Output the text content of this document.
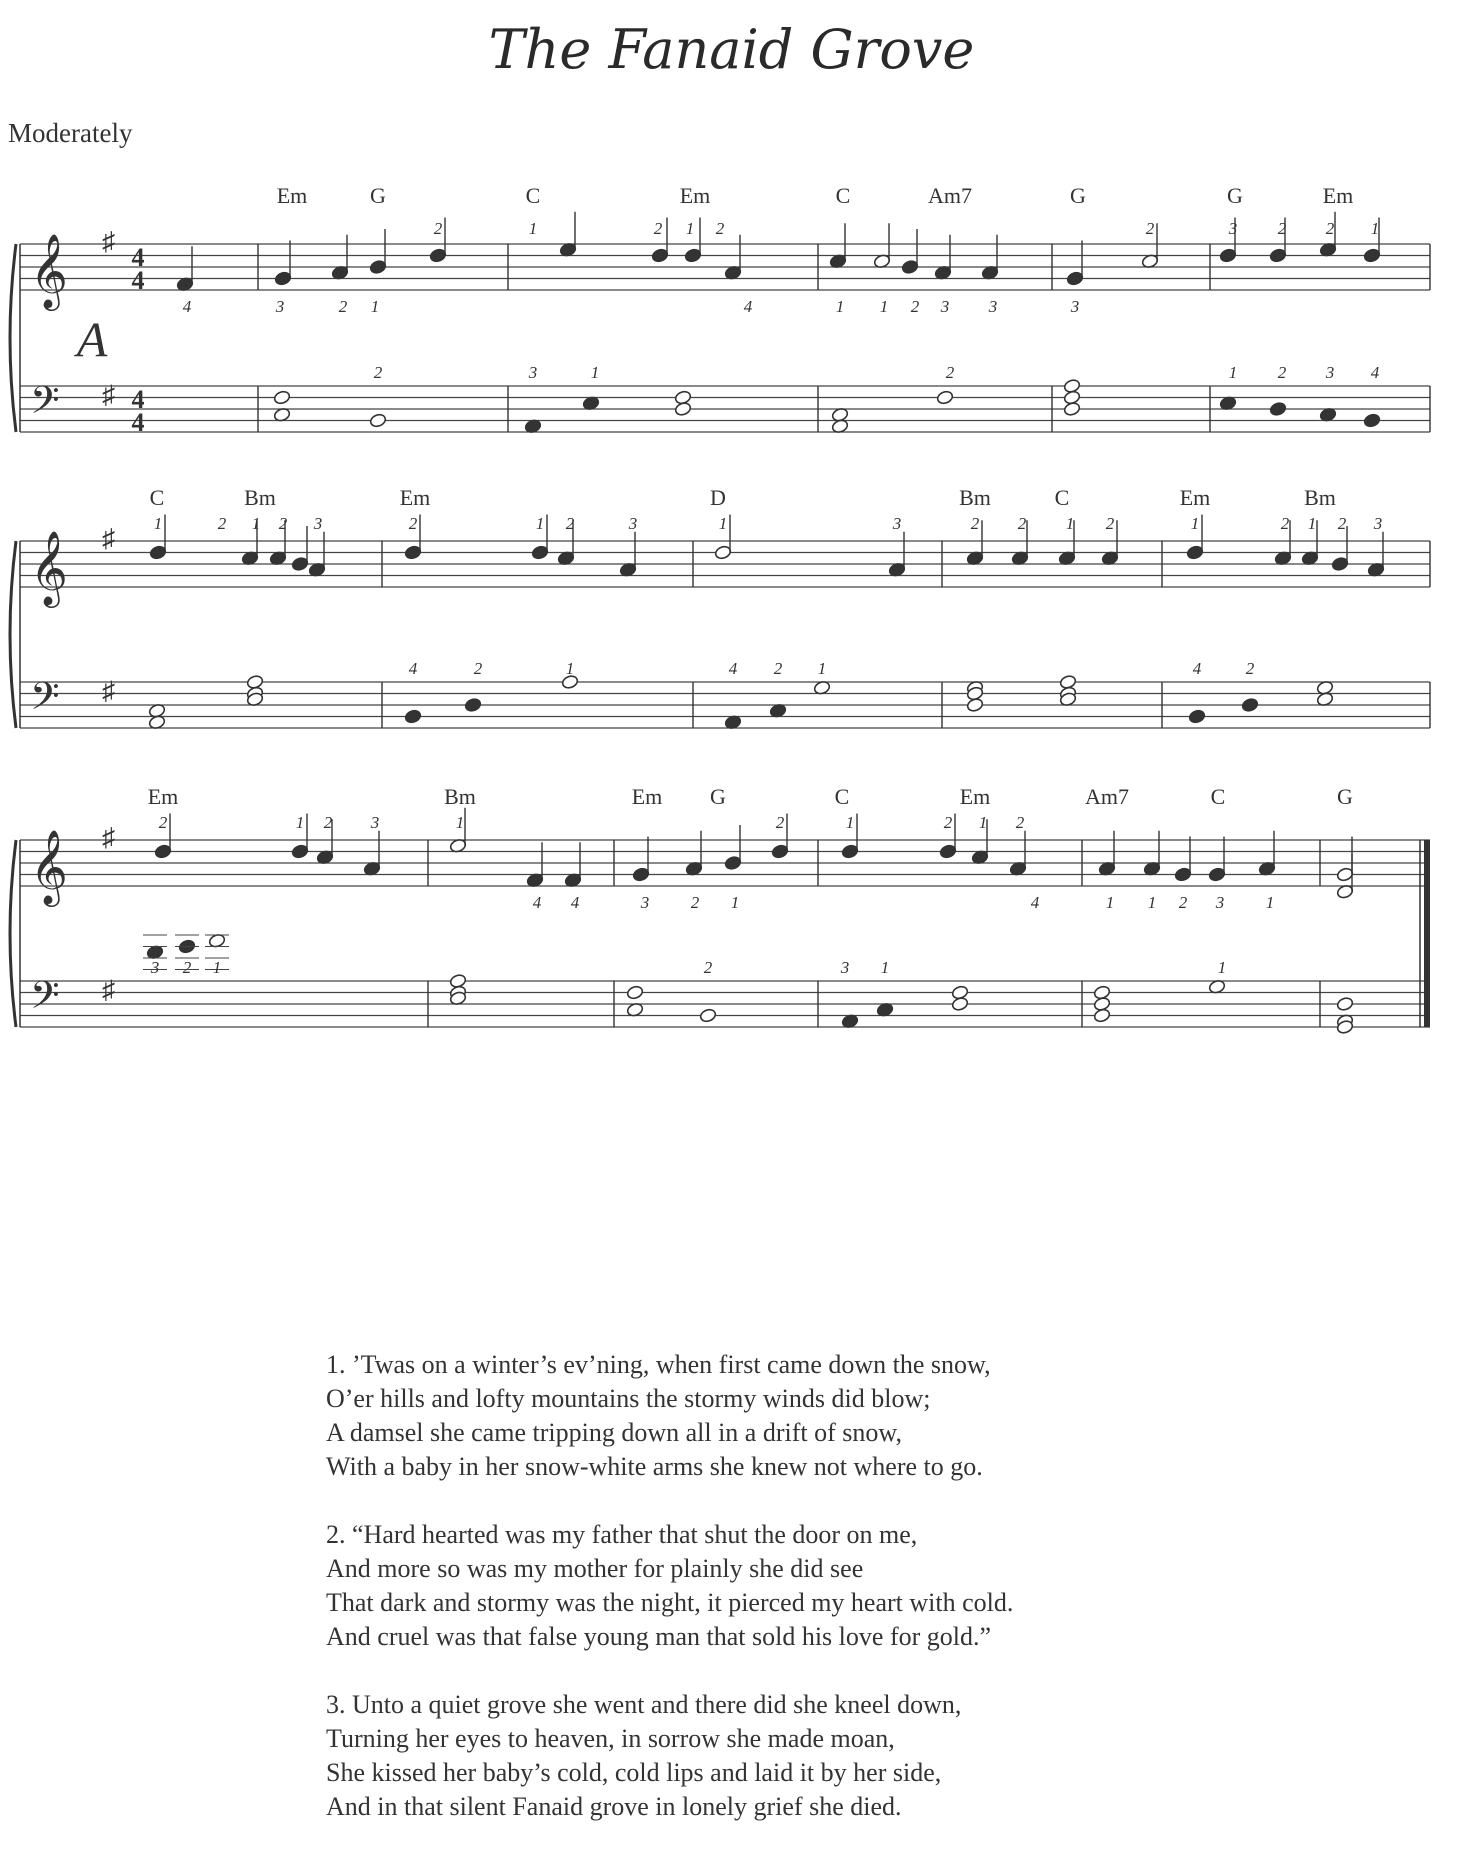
The Fanaid Grove
Moderately
𝄞
𝄢
♯
♯
4
4
4
4
A
Em	G	C	Em	C	Am7	G	G	Em
𝄞
𝄢
♯
♯
C	Bm	Em	D	Bm	C	Em	Bm
𝄞
𝄢
♯
♯
Em	Bm	Em G	C	Em	Am7	C	G
2	1	2 1 2	2	3 2 2 1
4	3	2 1	4	1 1 2 3 3	3
2	1
3	2	1 2 3 4
1	2 1 2 3	2	1 2	3	1	3	2 2 1 2	1	2 1 2 3
4	2	1	4 2 1	4	2
2	1 2 3	1	2	1	2 1 2
4 4	3 2 1	4	1 1 2 3 1
3 2 1	2	1
3	1
1. ’Twas on a winter’s ev’ning, when first came down the snow,
O’er hills and lofty mountains the stormy winds did blow;
A damsel she came tripping down all in a drift of snow,
With a baby in her snow-white arms she knew not where to go.
2. “Hard hearted was my father that shut the door on me,
And more so was my mother for plainly she did see
That dark and stormy was the night, it pierced my heart with cold.
And cruel was that false young man that sold his love for gold.”
3. Unto a quiet grove she went and there did she kneel down,
Turning her eyes to heaven, in sorrow she made moan,
She kissed her baby’s cold, cold lips and laid it by her side,
And in that silent Fanaid grove in lonely grief she died.
